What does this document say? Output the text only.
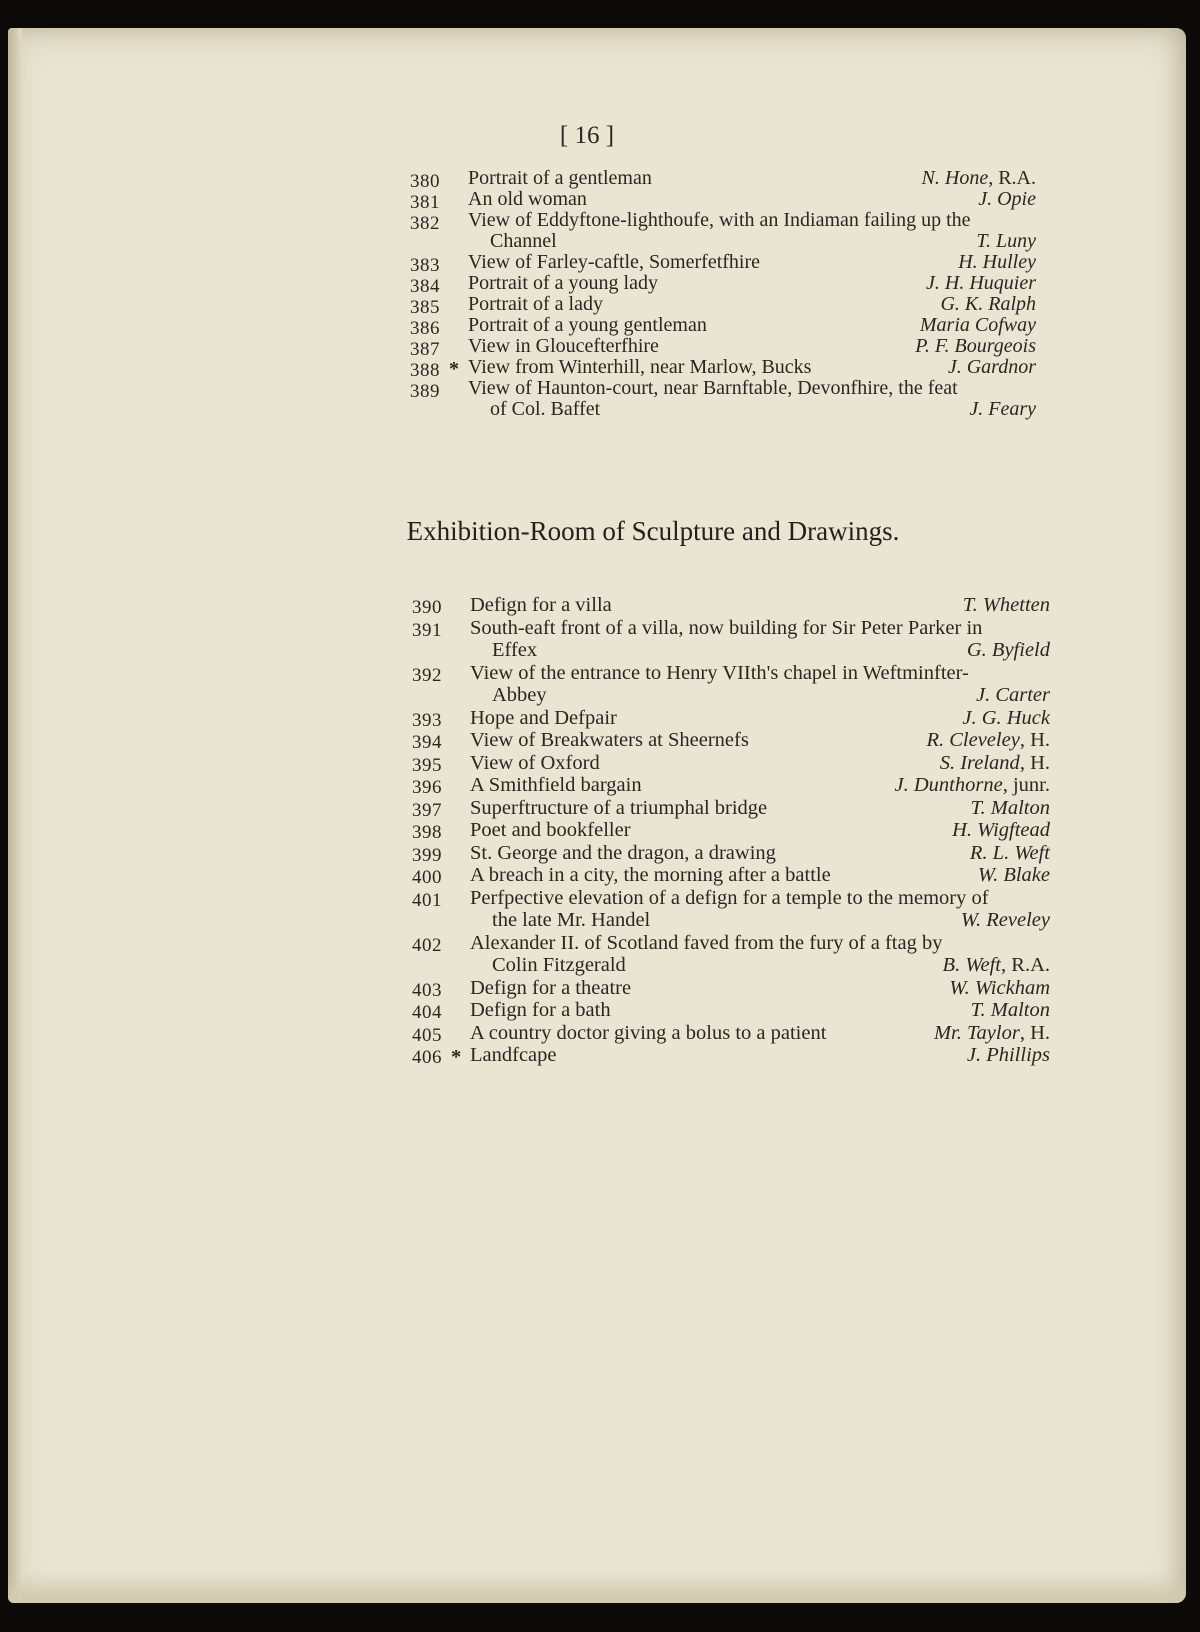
[ 16 ]
380	Portrait of a gentleman	N. Hone, R.A.
381	An old woman	J. Opie
382	View of Eddyftone-lighthoufe, with an Indiaman failing up the
Channel	T. Luny
383	View of Farley-caftle, Somerfetfhire	H. Hulley
384	Portrait of a young lady	J. H. Huquier
385	Portrait of a lady	G. K. Ralph
386	Portrait of a young gentleman	Maria Cofway
387	View in Gloucefterfhire	P. F. Bourgeois
388 * View from Winterhill, near Marlow, Bucks	J. Gardnor
389	View of Haunton-court, near Barnftable, Devonfhire, the feat
of Col. Baffet	J. Feary
Exhibition-Room of Sculpture and Drawings.
390	Defign for a villa	T. Whetten
391	South-eaft front of a villa, now building for Sir Peter Parker in
Effex	G. Byfield
392	View of the entrance to Henry VIIth's chapel in Weftminfter-
Abbey	J. Carter
393	Hope and Defpair	J. G. Huck
394	View of Breakwaters at Sheernefs	R. Cleveley, H.
395	View of Oxford	S. Ireland, H.
396	A Smithfield bargain	J. Dunthorne, junr.
397	Superftructure of a triumphal bridge	T. Malton
398	Poet and bookfeller	H. Wigftead
399	St. George and the dragon, a drawing	R. L. Weft
400	A breach in a city, the morning after a battle	W. Blake
401	Perfpective elevation of a defign for a temple to the memory of
the late Mr. Handel	W. Reveley
402	Alexander II. of Scotland faved from the fury of a ftag by
Colin Fitzgerald	B. Weft, R.A.
403	Defign for a theatre	W. Wickham
404	Defign for a bath	T. Malton
405	A country doctor giving a bolus to a patient	Mr. Taylor, H.
406 * Landfcape	J. Phillips
